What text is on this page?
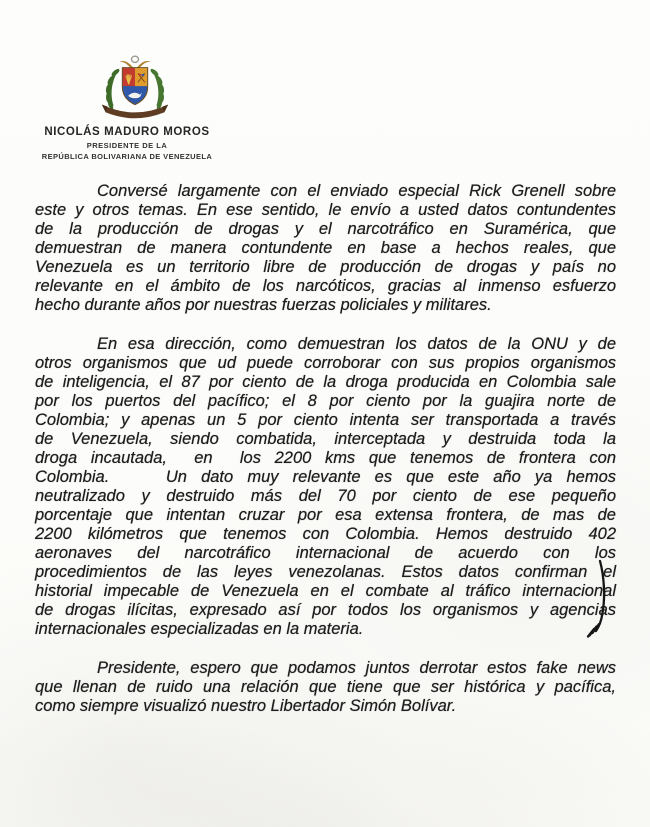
NICOLÁS MADURO MOROS
PRESIDENTE DE LA
REPÚBLICA BOLIVARIANA DE VENEZUELA
Conversé largamente con el enviado especial Rick Grenell sobre
este y otros temas. En ese sentido, le envío a usted datos contundentes
de la producción de drogas y el narcotráfico en Suramérica, que
demuestran de manera contundente en base a hechos reales, que
Venezuela es un territorio libre de producción de drogas y país no
relevante en el ámbito de los narcóticos, gracias al inmenso esfuerzo
hecho durante años por nuestras fuerzas policiales y militares.
En esa dirección, como demuestran los datos de la ONU y de
otros organismos que ud puede corroborar con sus propios organismos
de inteligencia, el 87 por ciento de la droga producida en Colombia sale
por los puertos del pacífico; el 8 por ciento por la guajira norte de
Colombia; y apenas un 5 por ciento intenta ser transportada a través
de Venezuela, siendo combatida, interceptada y destruida toda la
droga incautada,  en  los 2200 kms que tenemos de frontera con
Colombia.    Un dato muy relevante es que este año ya hemos
neutralizado y destruido más del 70 por ciento de ese pequeño
porcentaje que intentan cruzar por esa extensa frontera, de mas de
2200 kilómetros que tenemos con Colombia. Hemos destruido 402
aeronaves del narcotráfico internacional de acuerdo con los
procedimientos de las leyes venezolanas. Estos datos confirman el
historial impecable de Venezuela en el combate al tráfico internacional
de drogas ilícitas, expresado así por todos los organismos y agencias
internacionales especializadas en la materia.
Presidente, espero que podamos juntos derrotar estos fake news
que llenan de ruido una relación que tiene que ser histórica y pacífica,
como siempre visualizó nuestro Libertador Simón Bolívar.
